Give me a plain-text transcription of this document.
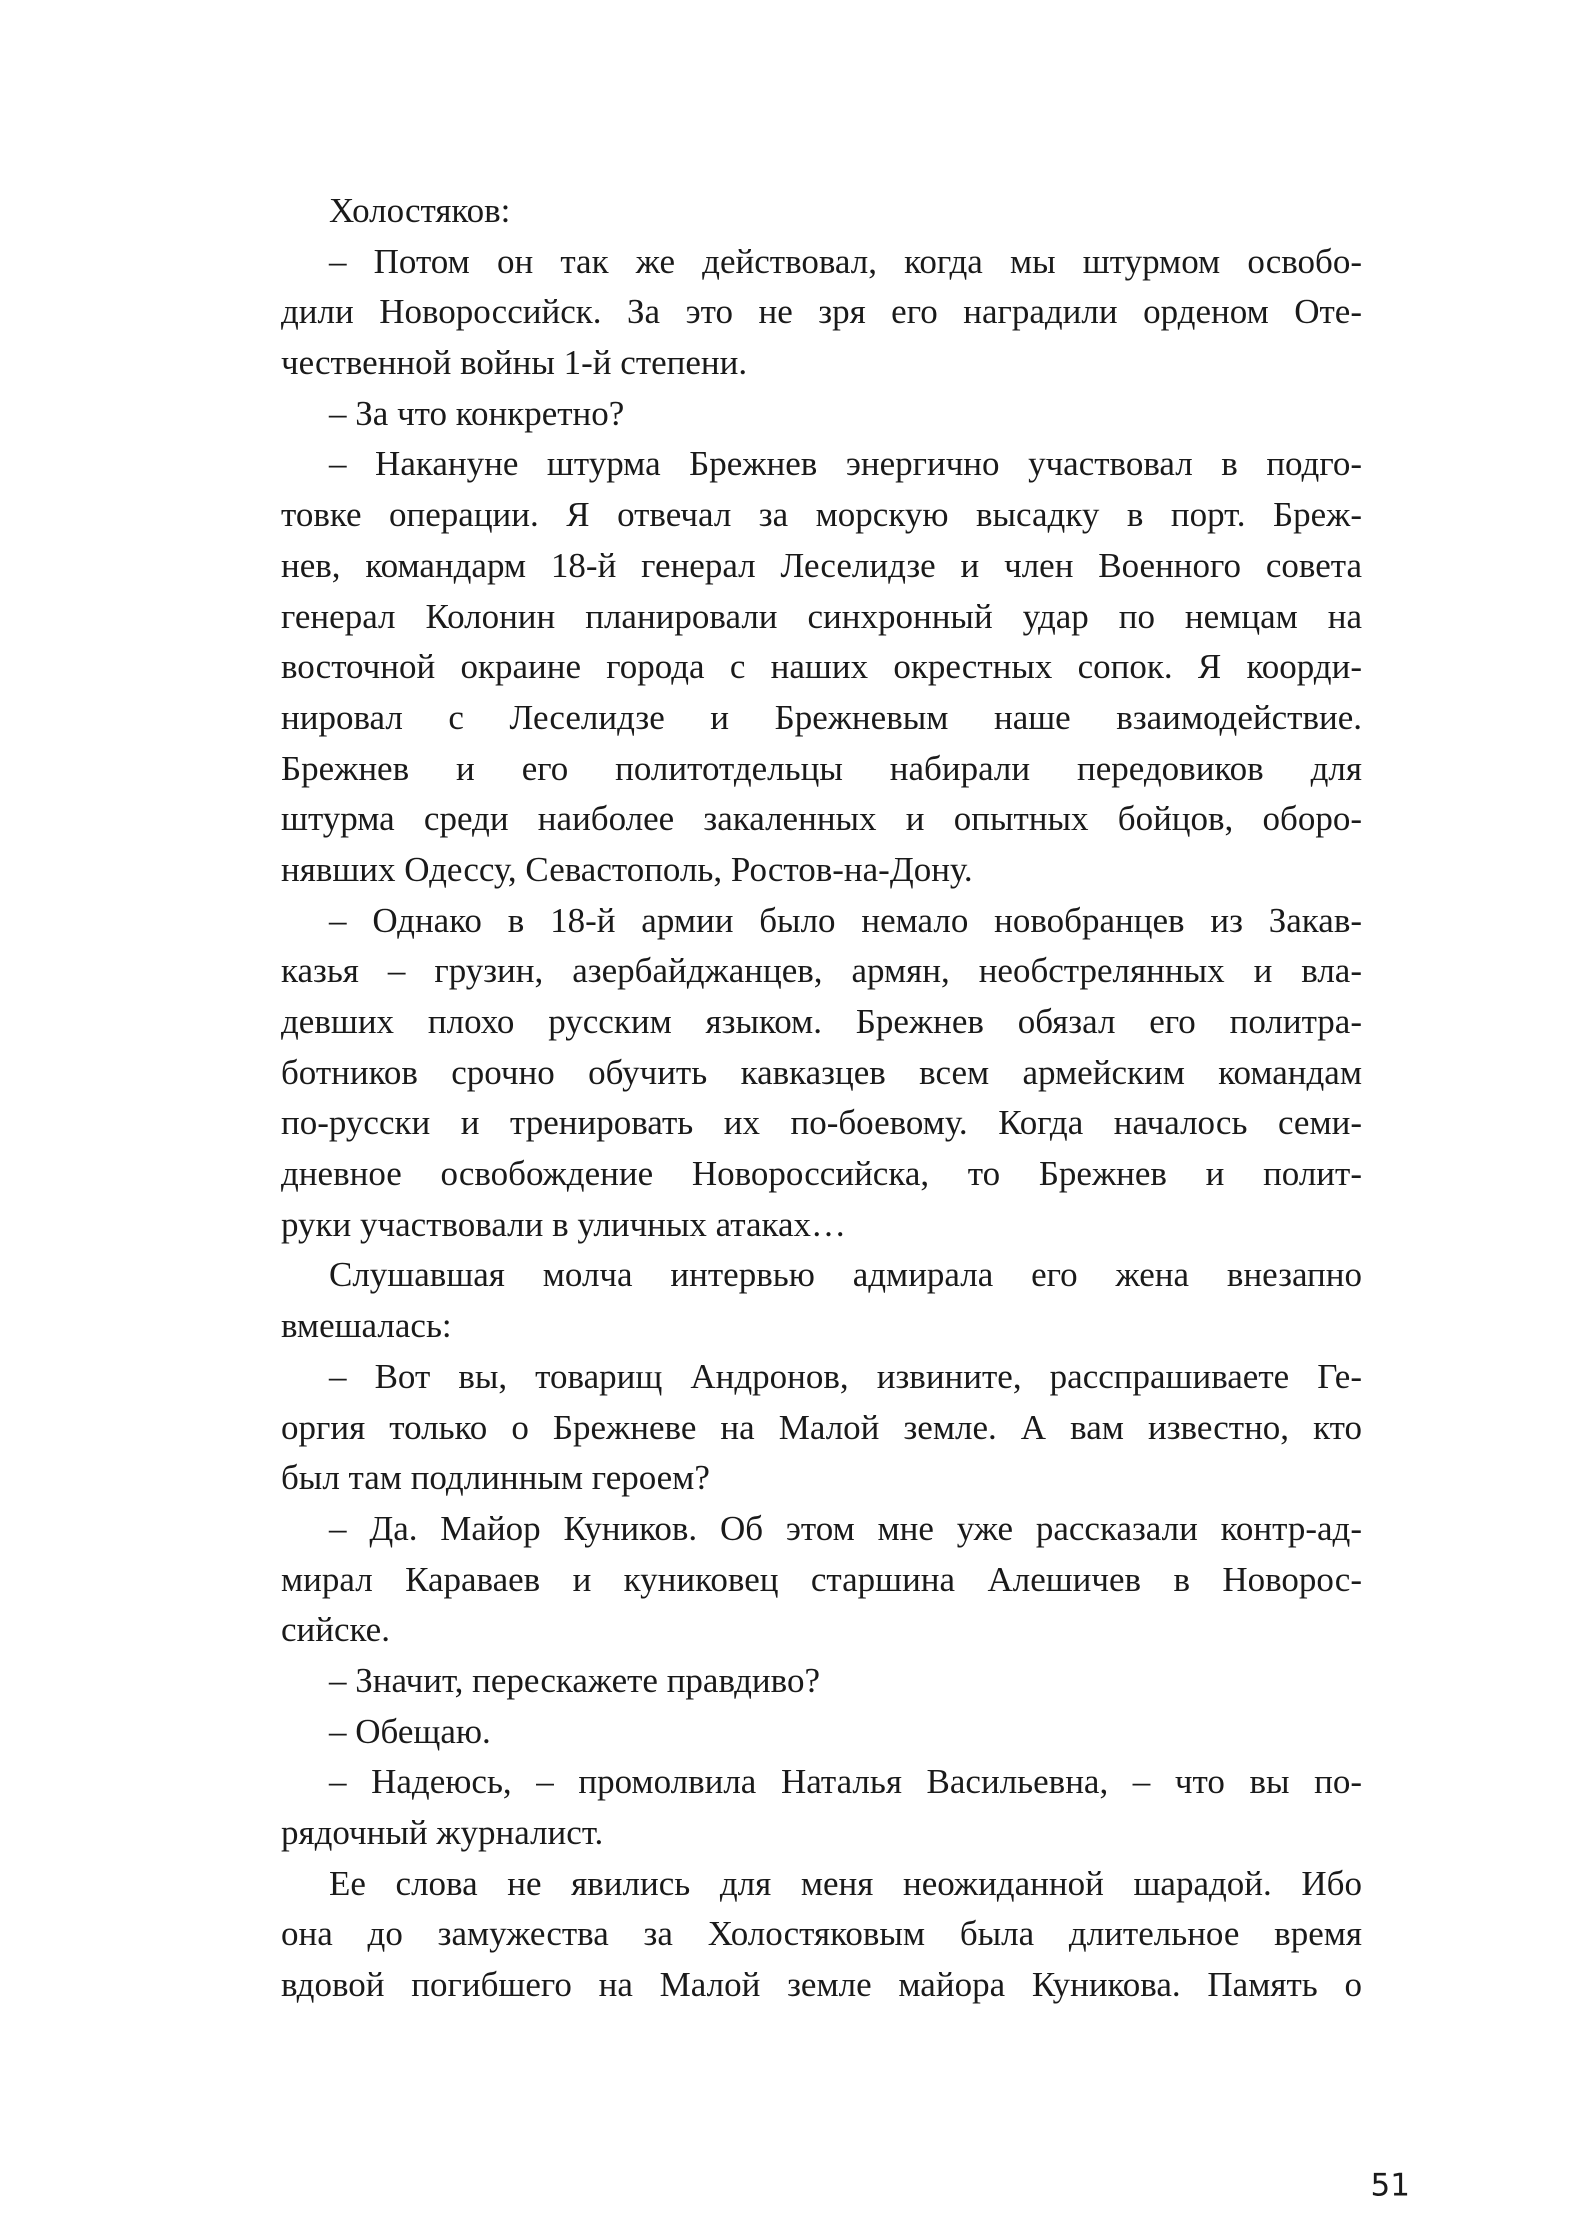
Холостяков:
– Потом он так же действовал, когда мы штурмом освобо-
дили Новороссийск. За это не зря его наградили орденом Оте-
чественной войны 1-й степени.
– За что конкретно?
– Накануне штурма Брежнев энергично участвовал в подго-
товке операции. Я отвечал за морскую высадку в порт. Бреж-
нев, командарм 18-й генерал Леселидзе и член Военного совета
генерал Колонин планировали синхронный удар по немцам на
восточной окраине города с наших окрестных сопок. Я коорди-
нировал с Леселидзе и Брежневым наше взаимодействие.
Брежнев и его политотдельцы набирали передовиков для
штурма среди наиболее закаленных и опытных бойцов, оборо-
нявших Одессу, Севастополь, Ростов-на-Дону.
– Однако в 18-й армии было немало новобранцев из Закав-
казья – грузин, азербайджанцев, армян, необстрелянных и вла-
девших плохо русским языком. Брежнев обязал его политра-
ботников срочно обучить кавказцев всем армейским командам
по-русски и тренировать их по-боевому. Когда началось семи-
дневное освобождение Новороссийска, то Брежнев и полит-
руки участвовали в уличных атаках…
Слушавшая молча интервью адмирала его жена внезапно
вмешалась:
– Вот вы, товарищ Андронов, извините, расспрашиваете Ге-
оргия только о Брежневе на Малой земле. А вам известно, кто
был там подлинным героем?
– Да. Майор Куников. Об этом мне уже рассказали контр-ад-
мирал Караваев и куниковец старшина Алешичев в Новорос-
сийске.
– Значит, перескажете правдиво?
– Обещаю.
– Надеюсь, – промолвила Наталья Васильевна, – что вы по-
рядочный журналист.
Ее слова не явились для меня неожиданной шарадой. Ибо
она до замужества за Холостяковым была длительное время
вдовой погибшего на Малой земле майора Куникова. Память о
51
